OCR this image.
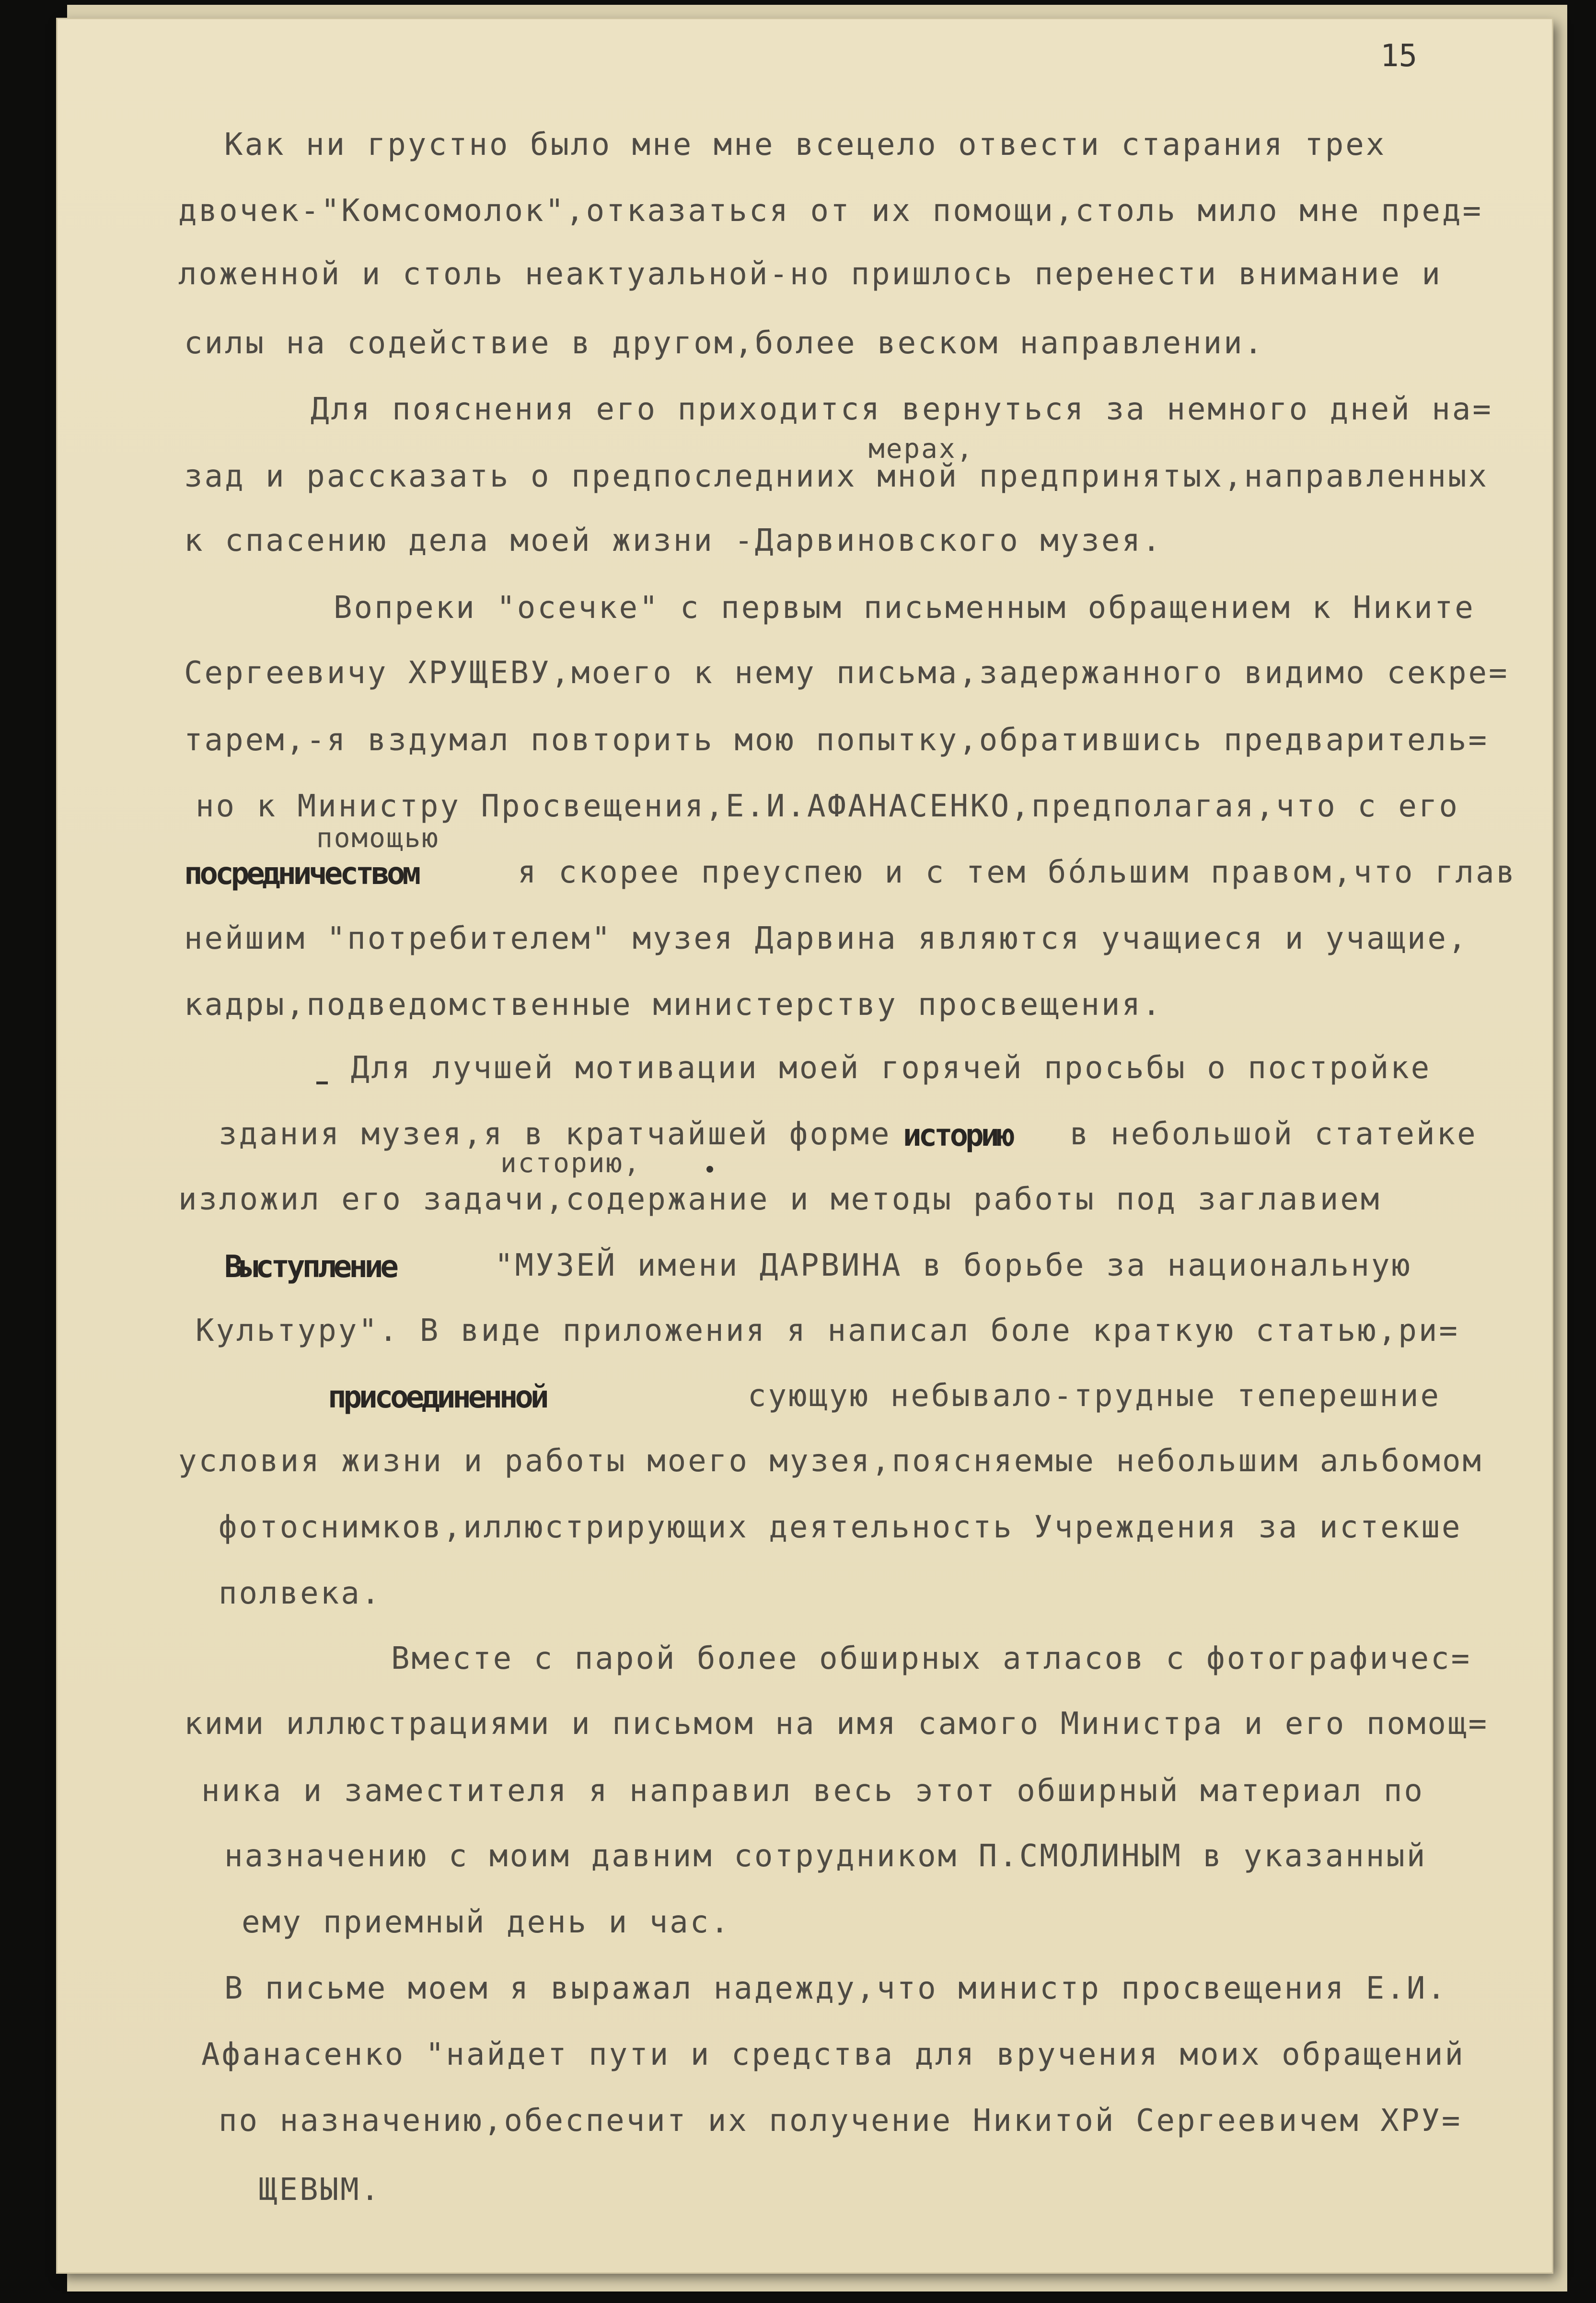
15
Как ни грустно было мне мне всецело отвести старания трех
двочек-"Комсомолок",отказаться от их помощи,столь мило мне пред=
ложенной и столь неактуальной-но пришлось перенести внимание и
силы на содействие в другом,более веском направлении.
Для пояснения его приходится вернуться за немного дней на=
мерах,
зад и рассказать о предпоследниих мной предпринятых,направленных
к спасению дела моей жизни -Дарвиновского музея.
Вопреки "осечке" с первым письменным обращением к Никите
Сергеевичу ХРУЩЕВУ,моего к нему письма,задержанного видимо секре=
тарем,-я вздумал повторить мою попытку,обратившись предваритель=
но к Министру Просвещения,Е.И.АФАНАСЕНКО,предполагая,что с его
помощью
посредничеством	я скорее преуспею и с тем бо́льшим правом,что глав
нейшим "потребителем" музея Дарвина являются учащиеся и учащие,
кадры,подведомственные министерству просвещения.
Для лучшей мотивации моей горячей просьбы о постройке
здания музея,я в кратчайшей форме историю в небольшой статейке
историю,
изложил его задачи,содержание и методы работы под заглавием
Выступление	"МУЗЕЙ имени ДАРВИНА в борьбе за национальную
Культуру". В виде приложения я написал боле краткую статью,ри=
присоединенной	сующую небывало-трудные теперешние
условия жизни и работы моего музея,поясняемые небольшим альбомом
фотоснимков,иллюстрирующих деятельность Учреждения за истекше
полвека.
Вместе с парой более обширных атласов с фотографичес=
кими иллюстрациями и письмом на имя самого Министра и его помощ=
ника и заместителя я направил весь этот обширный материал по
назначению с моим давним сотрудником П.СМОЛИНЫМ в указанный
ему приемный день и час.
В письме моем я выражал надежду,что министр просвещения Е.И.
Афанасенко "найдет пути и средства для вручения моих обращений
по назначению,обеспечит их получение Никитой Сергеевичем ХРУ=
ЩЕВЫМ.
